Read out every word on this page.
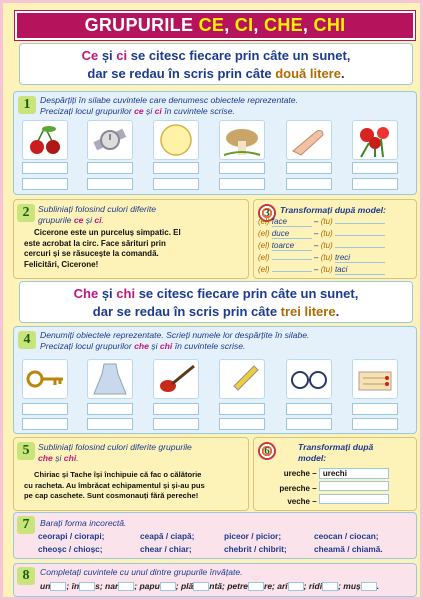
GRUPURILE CE, CI, CHE, CHI
Ce și ci se citesc fiecare prin câte un sunet,
dar se redau în scris prin câte două litere.
1	Despărțiți în silabe cuvintele care denumesc obiectele reprezentate.
Precizați locul grupurilor ce și ci în cuvintele scrise.
2 Subliniați folosind culori diferite
grupurile ce și ci.
Cicerone este un purceluș simpatic. El
este acrobat la circ. Face sărituri prin
cercuri și se răsucește la comandă.
Felicitări, Cicerone!
3	Transformați după model:
(el) face	– (tu)
(el) duce	– (tu)
(el) toarce – (tu)
(el)	– (tu) treci
(el)	– (tu) taci
Che și chi se citesc fiecare prin câte un sunet,
dar se redau în scris prin câte trei litere.
4	Denumiți obiectele reprezentate. Scrieți numele lor despărțite în silabe.
Precizați locul grupurilor che și chi în cuvintele scrise.
5 Subliniați folosind culori diferite grupurile
che și chi.
Chiriac și Tache își închipuie că fac o călătorie
cu racheta. Au îmbrăcat echipamentul și și-au pus
pe cap caschete. Sunt cosmonauți fără pereche!
6	Transformați după
model:
ureche – urechi
pereche –
veche –
7	Barați forma incorectă.
ceorapi / ciorapi;	ceapă / ciapă;	piceor / picior;	ceocan / ciocan;
cheoșc / chioșc;	chear / chiar;	chebrit / chibrit;	cheamă / chiamă.
8	Completați cuvintele cu unul dintre grupurile învățate.
un ; în s; nar ; papu ; plă ntă; petre re; ari ; ridi ; muș .
